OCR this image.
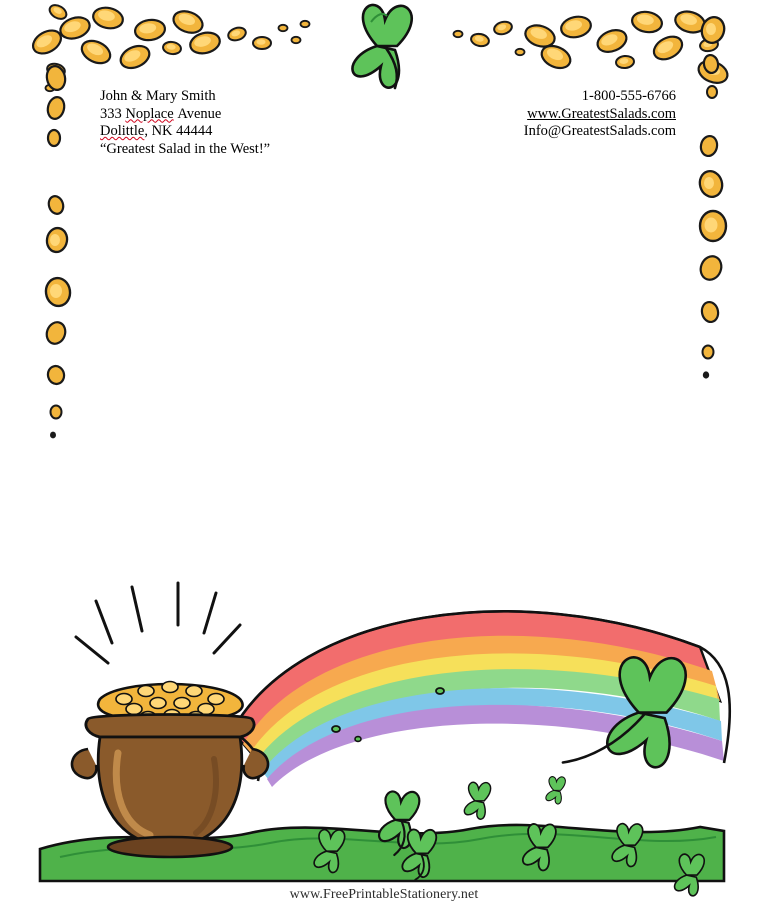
John & Mary Smith
333 Noplace Avenue
Dolittle, NK 44444
“Greatest Salad in the West!”
1-800-555-6766
www.GreatestSalads.com
Info@GreatestSalads.com
www.FreePrintableStationery.net
